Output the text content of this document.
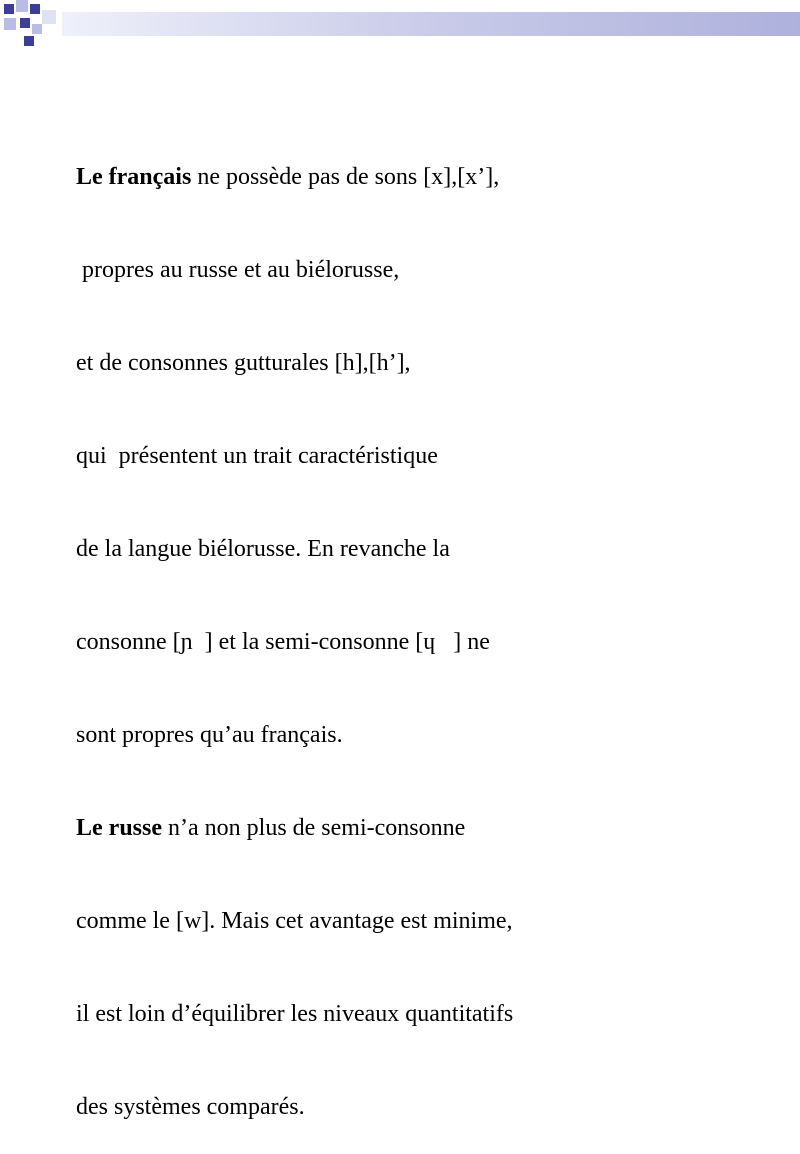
Le français ne possède pas de sons [x],[x’],

propres au russe et au biélorusse,

et de consonnes gutturales [h],[h’],

qui  présentent un trait caractéristique

de la langue biélorusse. En revanche la

consonne [ɲ  ] et la semi-consonne [ɥ   ] ne

sont propres qu’au français.

Le russe n’a non plus de semi-consonne

comme le [w]. Mais cet avantage est minime,

il est loin d’équilibrer les niveaux quantitatifs

des systèmes comparés.
